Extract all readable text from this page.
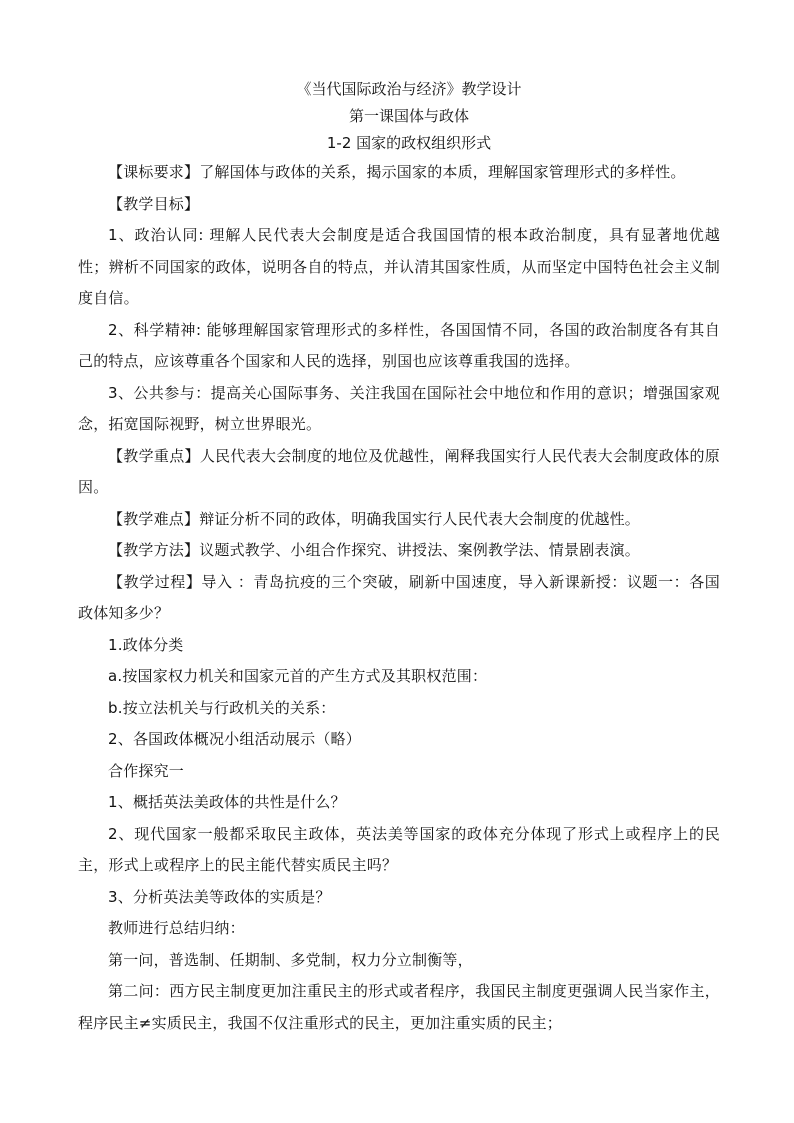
《当代国际政治与经济》教学设计
第一课国体与政体
1-2 国家的政权组织形式

【课标要求】了解国体与政体的关系，揭示国家的本质，理解国家管理形式的多样性。

【教学目标】

1、政治认同: 理解人民代表大会制度是适合我国国情的根本政治制度，具有显著地优越性；辨析不同国家的政体，说明各自的特点，并认清其国家性质，从而坚定中国特色社会主义制度自信。

2、科学精神: 能够理解国家管理形式的多样性，各国国情不同，各国的政治制度各有其自己的特点，应该尊重各个国家和人民的选择，别国也应该尊重我国的选择。

3、公共参与：提高关心国际事务、关注我国在国际社会中地位和作用的意识；增强国家观念，拓宽国际视野，树立世界眼光。

【教学重点】人民代表大会制度的地位及优越性，阐释我国实行人民代表大会制度政体的原因。

【教学难点】辩证分析不同的政体，明确我国实行人民代表大会制度的优越性。

【教学方法】议题式教学、小组合作探究、讲授法、案例教学法、情景剧表演。

【教学过程】导入 ：青岛抗疫的三个突破，刷新中国速度，导入新课新授：议题一：各国政体知多少？

1.政体分类

a.按国家权力机关和国家元首的产生方式及其职权范围：

b.按立法机关与行政机关的关系：

2、各国政体概况小组活动展示（略）

合作探究一

1、概括英法美政体的共性是什么？

2、现代国家一般都采取民主政体，英法美等国家的政体充分体现了形式上或程序上的民主，形式上或程序上的民主能代替实质民主吗？

3、分析英法美等政体的实质是？

教师进行总结归纳：

第一问，普选制、任期制、多党制，权力分立制衡等，

第二问：西方民主制度更加注重民主的形式或者程序，我国民主制度更强调人民当家作主，程序民主≠实质民主，我国不仅注重形式的民主，更加注重实质的民主；
